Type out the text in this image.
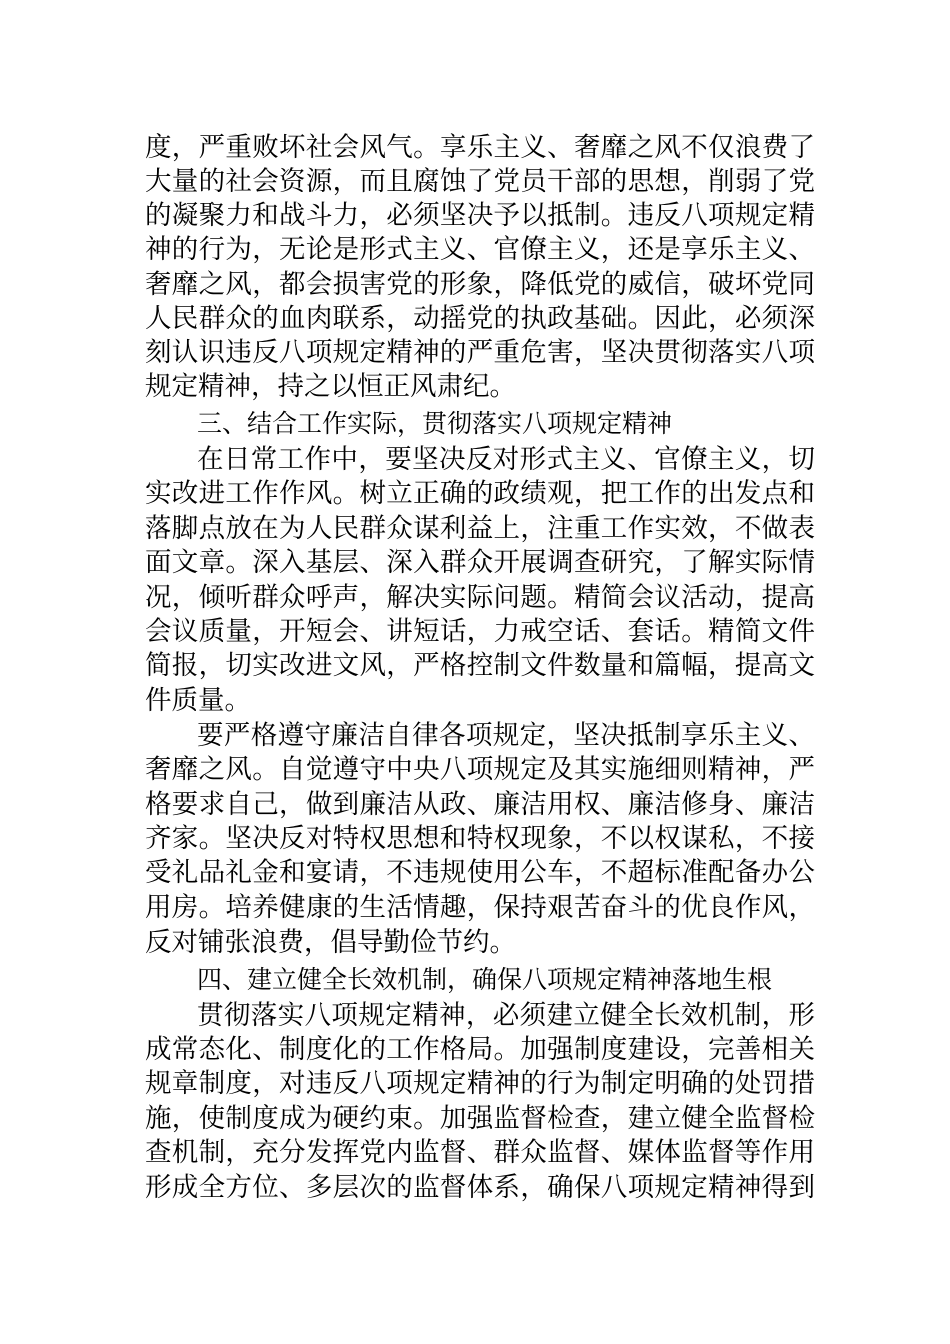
度，严重败坏社会风气。享乐主义、奢靡之风不仅浪费了
大量的社会资源，而且腐蚀了党员干部的思想，削弱了党
的凝聚力和战斗力，必须坚决予以抵制。违反八项规定精
神的行为，无论是形式主义、官僚主义，还是享乐主义、
奢靡之风，都会损害党的形象，降低党的威信，破坏党同
人民群众的血肉联系，动摇党的执政基础。因此，必须深
刻认识违反八项规定精神的严重危害，坚决贯彻落实八项
规定精神，持之以恒正风肃纪。
三、结合工作实际，贯彻落实八项规定精神
在日常工作中，要坚决反对形式主义、官僚主义，切
实改进工作作风。树立正确的政绩观，把工作的出发点和
落脚点放在为人民群众谋利益上，注重工作实效，不做表
面文章。深入基层、深入群众开展调查研究，了解实际情
况，倾听群众呼声，解决实际问题。精简会议活动，提高
会议质量，开短会、讲短话，力戒空话、套话。精简文件
简报，切实改进文风，严格控制文件数量和篇幅，提高文
件质量。
要严格遵守廉洁自律各项规定，坚决抵制享乐主义、
奢靡之风。自觉遵守中央八项规定及其实施细则精神，严
格要求自己，做到廉洁从政、廉洁用权、廉洁修身、廉洁
齐家。坚决反对特权思想和特权现象，不以权谋私，不接
受礼品礼金和宴请，不违规使用公车，不超标准配备办公
用房。培养健康的生活情趣，保持艰苦奋斗的优良作风，
反对铺张浪费，倡导勤俭节约。
四、建立健全长效机制，确保八项规定精神落地生根
贯彻落实八项规定精神，必须建立健全长效机制，形
成常态化、制度化的工作格局。加强制度建设，完善相关
规章制度，对违反八项规定精神的行为制定明确的处罚措
施，使制度成为硬约束。加强监督检查，建立健全监督检
查机制，充分发挥党内监督、群众监督、媒体监督等作用
形成全方位、多层次的监督体系，确保八项规定精神得到
